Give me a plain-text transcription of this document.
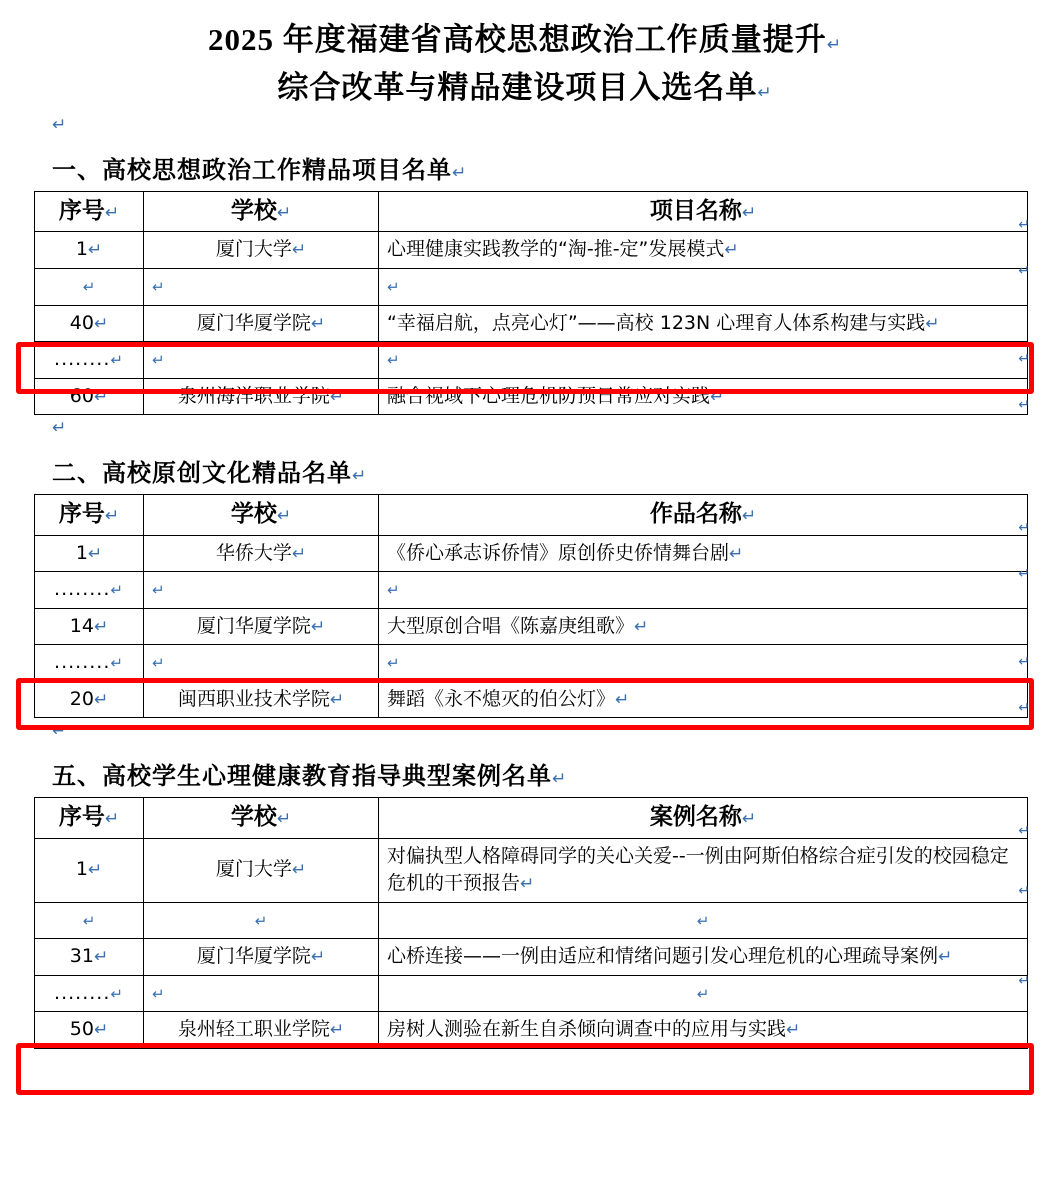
2025 年度福建省高校思想政治工作质量提升↵
综合改革与精品建设项目入选名单↵
↵
一、高校思想政治工作精品项目名单↵
序号↵	学校↵	项目名称↵
1↵	厦门大学↵	心理健康实践教学的“淘-推-定”发展模式↵
↵	↵	↵
40↵	厦门华厦学院↵	“幸福启航，点亮心灯”——高校 123N 心理育人体系构建与实践↵
........↵	↵	↵
60↵	泉州海洋职业学院↵	融合视域下心理危机防预日常应对实践↵
↵
↵
↵
↵
↵
二、高校原创文化精品名单↵
序号↵	学校↵	作品名称↵
1↵	华侨大学↵	《侨心承志诉侨情》原创侨史侨情舞台剧↵
........↵	↵	↵
14↵	厦门华厦学院↵	大型原创合唱《陈嘉庚组歌》↵
........↵	↵	↵
20↵	闽西职业技术学院↵	舞蹈《永不熄灭的伯公灯》↵
↵
↵
↵
↵
↵
五、高校学生心理健康教育指导典型案例名单↵
序号↵	学校↵	案例名称↵
1↵	厦门大学↵	对偏执型人格障碍同学的关心关爱--一例由阿斯伯格综合症引发的校园稳定危机的干预报告↵
↵	↵	↵
31↵	厦门华厦学院↵	心桥连接——一例由适应和情绪问题引发心理危机的心理疏导案例↵
........↵	↵	↵
50↵	泉州轻工职业学院↵	房树人测验在新生自杀倾向调查中的应用与实践↵
↵
↵
↵
